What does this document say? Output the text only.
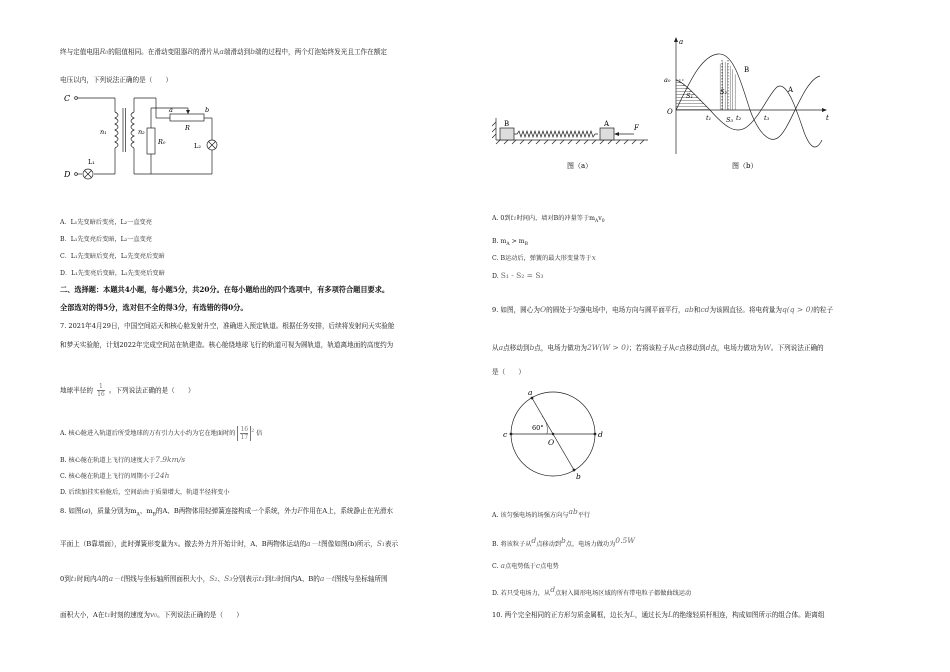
终与定值电阻R₀的阻值相同。在滑动变阻器R的滑片从a端滑动到b端的过程中，两个灯泡始终发光且工作在额定
电压以内，下列说法正确的是（　　）
C
D
n₁	n₂
a	b
R
R₀
L₁
L₂
A．L₁先变暗后变亮，L₂一直变亮
B．L₁先变亮后变暗，L₂一直变亮
C．L₁先变暗后变亮，L₂先变亮后变暗
D．L₁先变亮后变暗，L₂先变亮后变暗
二、选择题：本题共4小题，每小题5分，共20分。在每小题给出的四个选项中，有多项符合题目要求。
全部选对的得5分，选对但不全的得3分，有选错的得0分。
7. 2021年4月29日，中国空间站天和核心舱发射升空，准确进入预定轨道。根据任务安排，后续将发射问天实验舱
和梦天实验舱，计划2022年完成空间站在轨建造。核心舱绕地球飞行的轨道可视为圆轨道，轨道离地面的高度约为
地球半径的 $\frac{1}{16}$ 。下列说法正确的是（　　）
A. 核心舱进入轨道后所受地球的万有引力大小约为它在地面时的 $\frac{16}{17} ^2$ 倍
B. 核心舱在轨道上飞行的速度大于7.9km/s
C. 核心舱在轨道上飞行的周期小于24h
D. 后续加挂实验舱后，空间站由于质量增大，轨道半径将变小
8. 如图(a)，质量分别为$m_A$、$m_B$的A、B两物体用轻弹簧连接构成一个系统，外力F作用在A上，系统静止在光滑水
平面上（B靠墙面），此时弹簧形变量为x。撤去外力并开始计时，A、B两物体运动的a－t图像如图(b)所示，S₁表示
0到t₁时间内A的a－t图线与坐标轴所围面积大小，S₂、S₃分别表示t₁到t₂时间内A、B的a－t图线与坐标轴所围
面积大小，A在t₁时刻的速度为v₀。下列说法正确的是（　　）
B	A	F
图（a）
a
a₀
O
t
S₁	S₂
S₃
B
A
t₁	t₂	t₃
图（b）
A. 0到t₁时间内，墙对B的冲量等于$m_Av_0$
B. $m_A > m_B$
C. B运动后，弹簧的最大形变量等于x
D. S₁ - S₂ = S₃
9. 如图，圆心为O的圆处于匀强电场中，电场方向与圆平面平行，ab和cd为该圆直径。将电荷量为q(q > 0)的粒子
从a点移动到b点，电场力做功为2W(W > 0)；若将该粒子从c点移动到d点，电场力做功为W。下列说法正确的
是（　　）
a
b
c	d
O
60°
A. 该匀强电场的场强方向与$^{ab}$平行
B. 将该粒子从$^d$点移动到$^b$点，电场力做功为$^{0.5W}$
C. a点电势低于c点电势
D. 若只受电场力，从$^d$点射入圆形电场区域的所有带电粒子都做曲线运动
10. 两个完全相同的正方形匀质金属框，边长为L，通过长为L的绝缘轻质杆相连，构成如图所示的组合体。距离组
